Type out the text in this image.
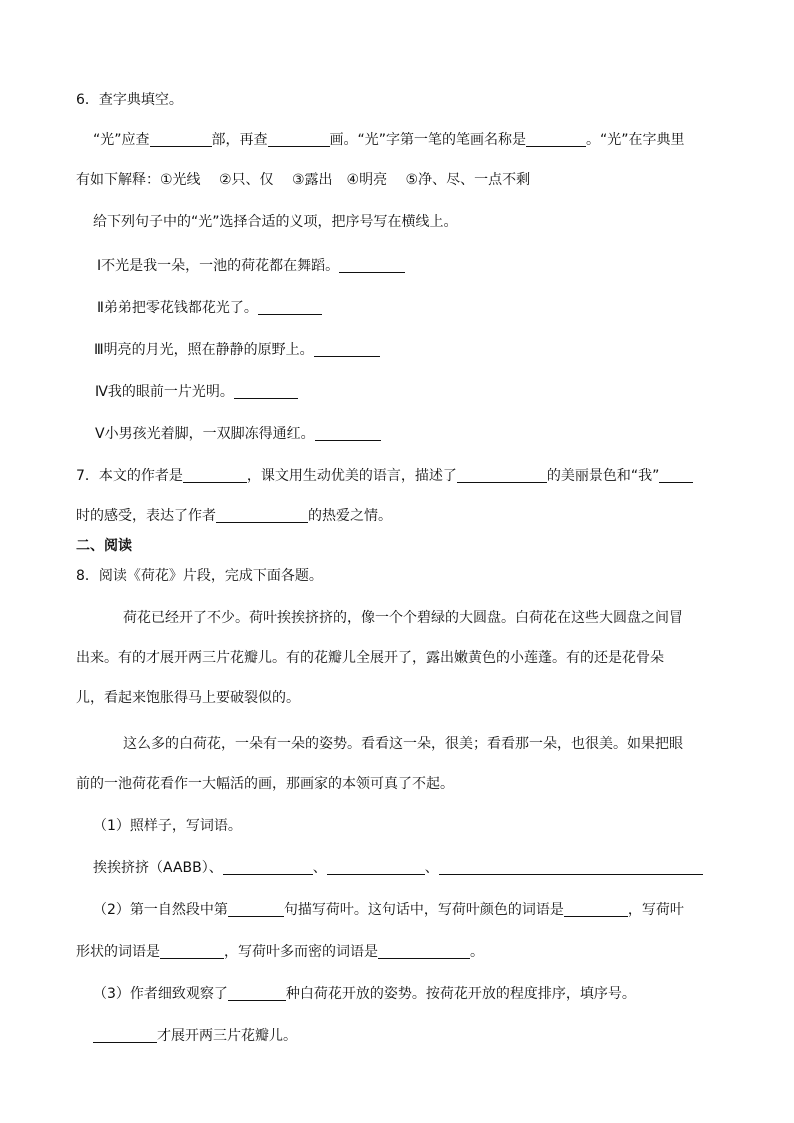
6．查字典填空。
“光”应查	部，再查	画。“光”字第一笔的笔画名称是	。“光”在字典里
有如下解释：①光线　 ②只、仅　 ③露出　④明亮　 ⑤净、尽、一点不剩
给下列句子中的“光”选择合适的义项，把序号写在横线上。
Ⅰ不光是我一朵，一池的荷花都在舞蹈。
Ⅱ弟弟把零花钱都花光了。
Ⅲ明亮的月光，照在静静的原野上。
Ⅳ我的眼前一片光明。
Ⅴ小男孩光着脚，一双脚冻得通红。
7．本文的作者是	，课文用生动优美的语言，描述了	的美丽景色和“我”
时的感受，表达了作者	的热爱之情。
二、阅读
8．阅读《荷花》片段，完成下面各题。
荷花已经开了不少。荷叶挨挨挤挤的，像一个个碧绿的大圆盘。白荷花在这些大圆盘之间冒
出来。有的才展开两三片花瓣儿。有的花瓣儿全展开了，露出嫩黄色的小莲蓬。有的还是花骨朵
儿，看起来饱胀得马上要破裂似的。
这么多的白荷花，一朵有一朵的姿势。看看这一朵，很美；看看那一朵，也很美。如果把眼
前的一池荷花看作一大幅活的画，那画家的本领可真了不起。
（1）照样子，写词语。
挨挨挤挤（AABB）、	、	、
（2）第一自然段中第	句描写荷叶。这句话中，写荷叶颜色的词语是	，写荷叶
形状的词语是	，写荷叶多而密的词语是	。
（3）作者细致观察了	种白荷花开放的姿势。按荷花开放的程度排序，填序号。
才展开两三片花瓣儿。
